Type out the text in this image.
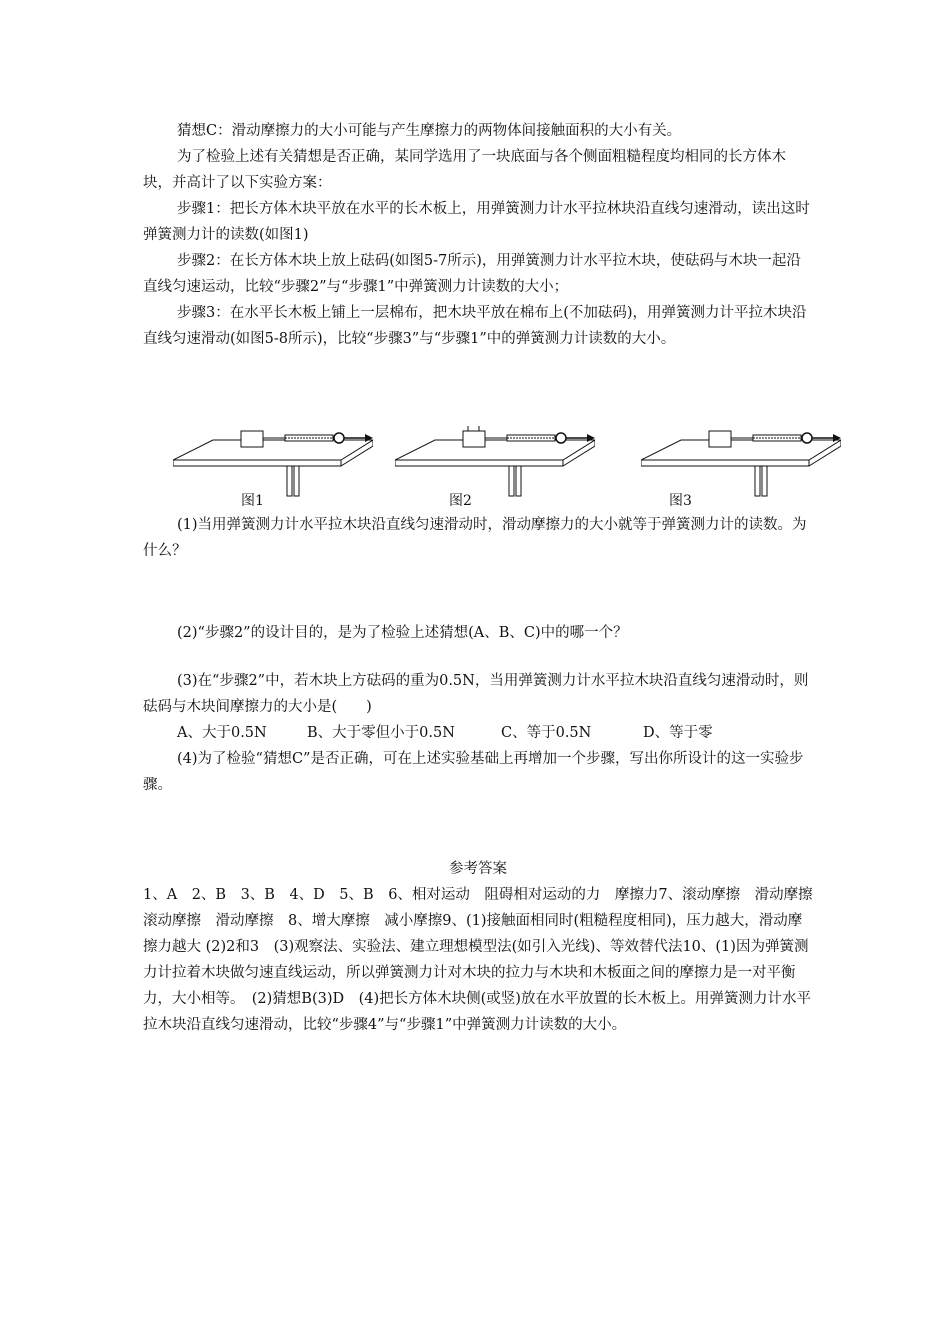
猜想C：滑动摩擦力的大小可能与产生摩擦力的两物体间接触面积的大小有关。

为了检验上述有关猜想是否正确，某同学选用了一块底面与各个侧面粗糙程度均相同的长方体木块，并高计了以下实验方案：

步骤1：把长方体木块平放在水平的长木板上，用弹簧测力计水平拉林块沿直线匀速滑动，读出这时弹簧测力计的读数(如图1)

步骤2：在长方体木块上放上砝码(如图5-7所示)，用弹簧测力计水平拉木块，使砝码与木块一起沿直线匀速运动，比较“步骤2”与“步骤1”中弹簧测力计读数的大小；

步骤3：在水平长木板上铺上一层棉布，把木块平放在棉布上(不加砝码)，用弹簧测力计平拉木块沿直线匀速滑动(如图5-8所示)，比较“步骤3”与“步骤1”中的弹簧测力计读数的大小。

图1	图2	图3

(1)当用弹簧测力计水平拉木块沿直线匀速滑动时，滑动摩擦力的大小就等于弹簧测力计的读数。为什么？

(2)“步骤2”的设计目的，是为了检验上述猜想(A、B、C)中的哪一个？

(3)在“步骤2”中，若木块上方砝码的重为0.5N，当用弹簧测力计水平拉木块沿直线匀速滑动时，则砝码与木块间摩擦力的大小是(　　)

A、大于0.5N	B、大于零但小于0.5N	C、等于0.5N	D、等于零

(4)为了检验“猜想C”是否正确，可在上述实验基础上再增加一个步骤，写出你所设计的这一实验步骤。

参考答案

1、A　2、B　3、B　4、D　5、B　6、相对运动　阻碍相对运动的力　摩擦力7、滚动摩擦　滑动摩擦　滚动摩擦　滑动摩擦　8、增大摩擦　减小摩擦9、(1)接触面相同时(粗糙程度相同)，压力越大，滑动摩擦力越大 (2)2和3　(3)观察法、实验法、建立理想模型法(如引入光线)、等效替代法10、(1)因为弹簧测力计拉着木块做匀速直线运动，所以弹簧测力计对木块的拉力与木块和木板面之间的摩擦力是一对平衡力，大小相等。　(2)猜想B(3)D　(4)把长方体木块侧(或竖)放在水平放置的长木板上。用弹簧测力计水平拉木块沿直线匀速滑动，比较“步骤4”与“步骤1”中弹簧测力计读数的大小。
